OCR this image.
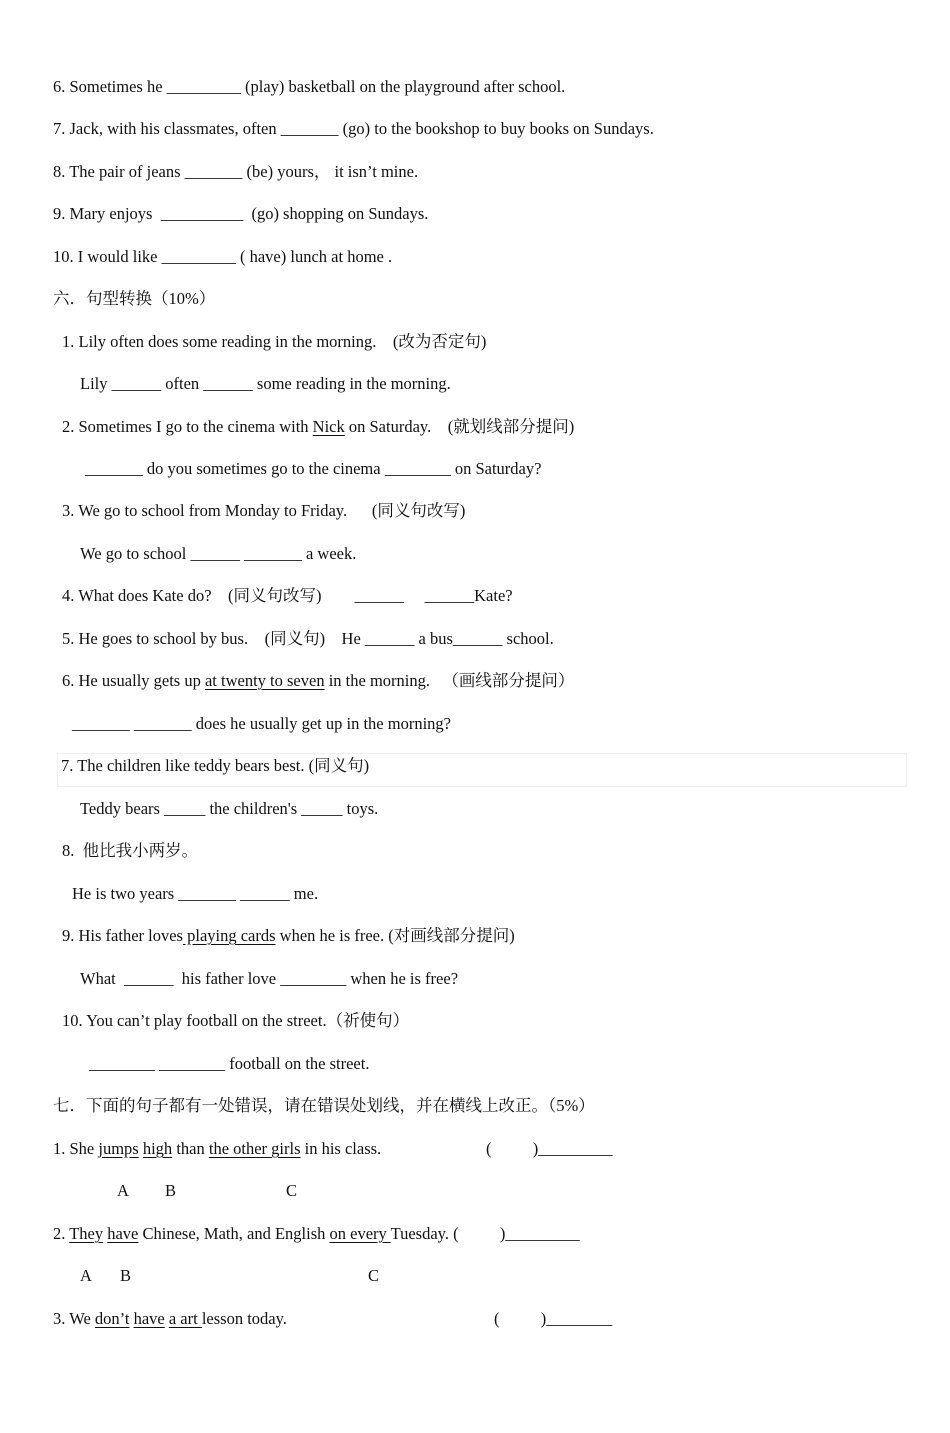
6. Sometimes he _________ (play) basketball on the playground after school.
7. Jack, with his classmates, often _______ (go) to the bookshop to buy books on Sundays.
8. The pair of jeans _______ (be) yours， it isn’t mine.
9. Mary enjoys  __________  (go) shopping on Sundays.
10. I would like _________ ( have) lunch at home .
六．句型转换（10%）
1. Lily often does some reading in the morning.    (改为否定句)
Lily ______ often ______ some reading in the morning.
2. Sometimes I go to the cinema with Nick on Saturday.    (就划线部分提问)
_______ do you sometimes go to the cinema ________ on Saturday?
3. We go to school from Monday to Friday.      (同义句改写)
We go to school ______ _______ a week.
4. What does Kate do?    (同义句改写)        ______     ______Kate?
5. He goes to school by bus.    (同义句)    He ______ a bus______ school.
6. He usually gets up at twenty to seven in the morning.   （画线部分提问）
_______ _______ does he usually get up in the morning?
7. The children like teddy bears best. (同义句)
Teddy bears _____ the children's _____ toys.
8.  他比我小两岁。
He is two years _______ ______ me.
9. His father loves playing cards when he is free. (对画线部分提问)
What  ______  his father love ________ when he is free?
10. You can’t play football on the street.（祈使句）
________ ________ football on the street.
七．下面的句子都有一处错误，请在错误处划线，并在横线上改正。（5%）
1. She jumps high than the other girls in his class.	(          )_________
A B	C
2. They have Chinese, Math, and English on every Tuesday. (          )_________
A B	C
3. We don’t have a art lesson today.	(          )________
